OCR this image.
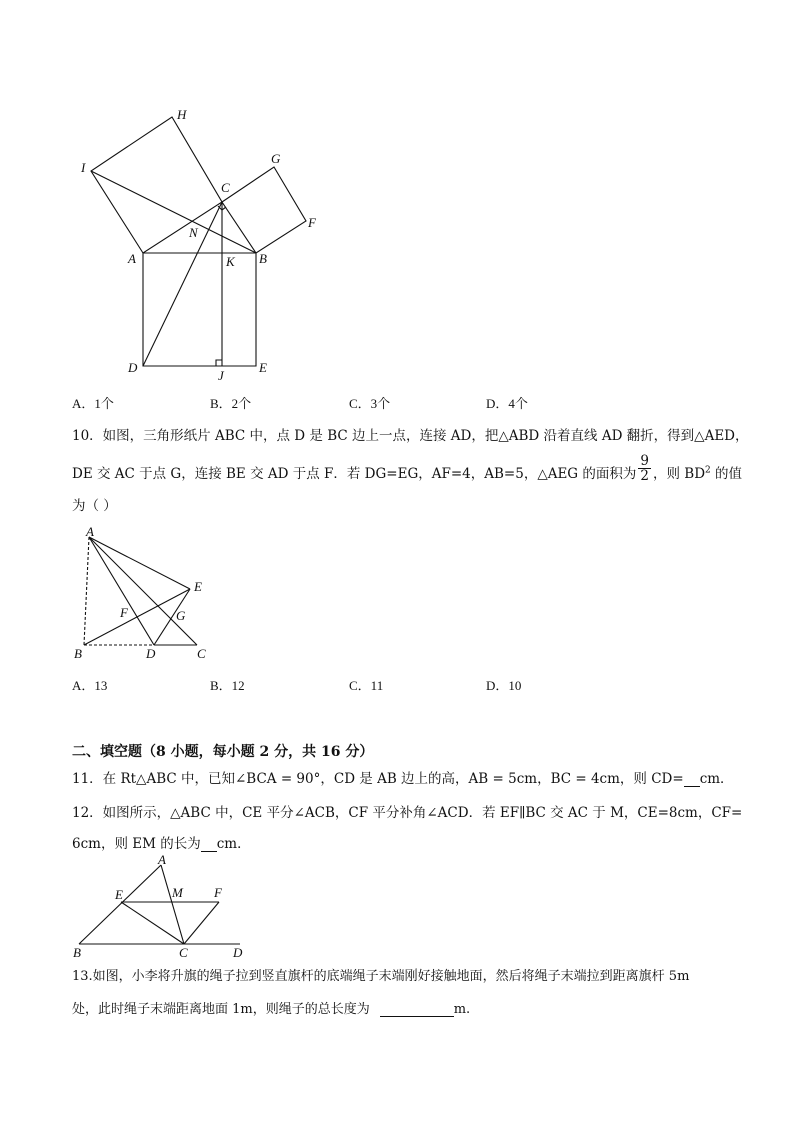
H
I
G
C
F
N
A	K B
D
J
E
A．1个	B．2个	C．3个	D．4个
10．如图，三角形纸片 ABC 中，点 D 是 BC 边上一点，连接 AD，把△ABD 沿着直线 AD 翻折，得到△AED，
DE 交 AC 于点 G，连接 BE 交 AD 于点 F．若 DG=EG，AF=4，AB=5，△AEG 的面积为 $\frac{9}{2}$ ，则 $BD^2$ 的值
为（ ）
A
E
F	G
B	D	C
A．13	B．12	C．11	D．10
二、填空题（8 小题，每小题 2 分，共 16 分）
11．在 Rt△ABC 中，已知∠BCA = 90°，CD 是 AB 边上的高，AB = 5cm，BC = 4cm，则 CD= cm．
12．如图所示，△ABC 中，CE 平分∠ACB，CF 平分补角∠ACD．若 EF∥BC 交 AC 于 M，CE=8cm，CF=
6cm，则 EM 的长为 cm．
A
E	M F
B	C	D
13.如图，小李将升旗的绳子拉到竖直旗杆的底端绳子末端刚好接触地面，然后将绳子末端拉到距离旗杆 5m
处，此时绳子末端距离地面 1m，则绳子的总长度为	m.
